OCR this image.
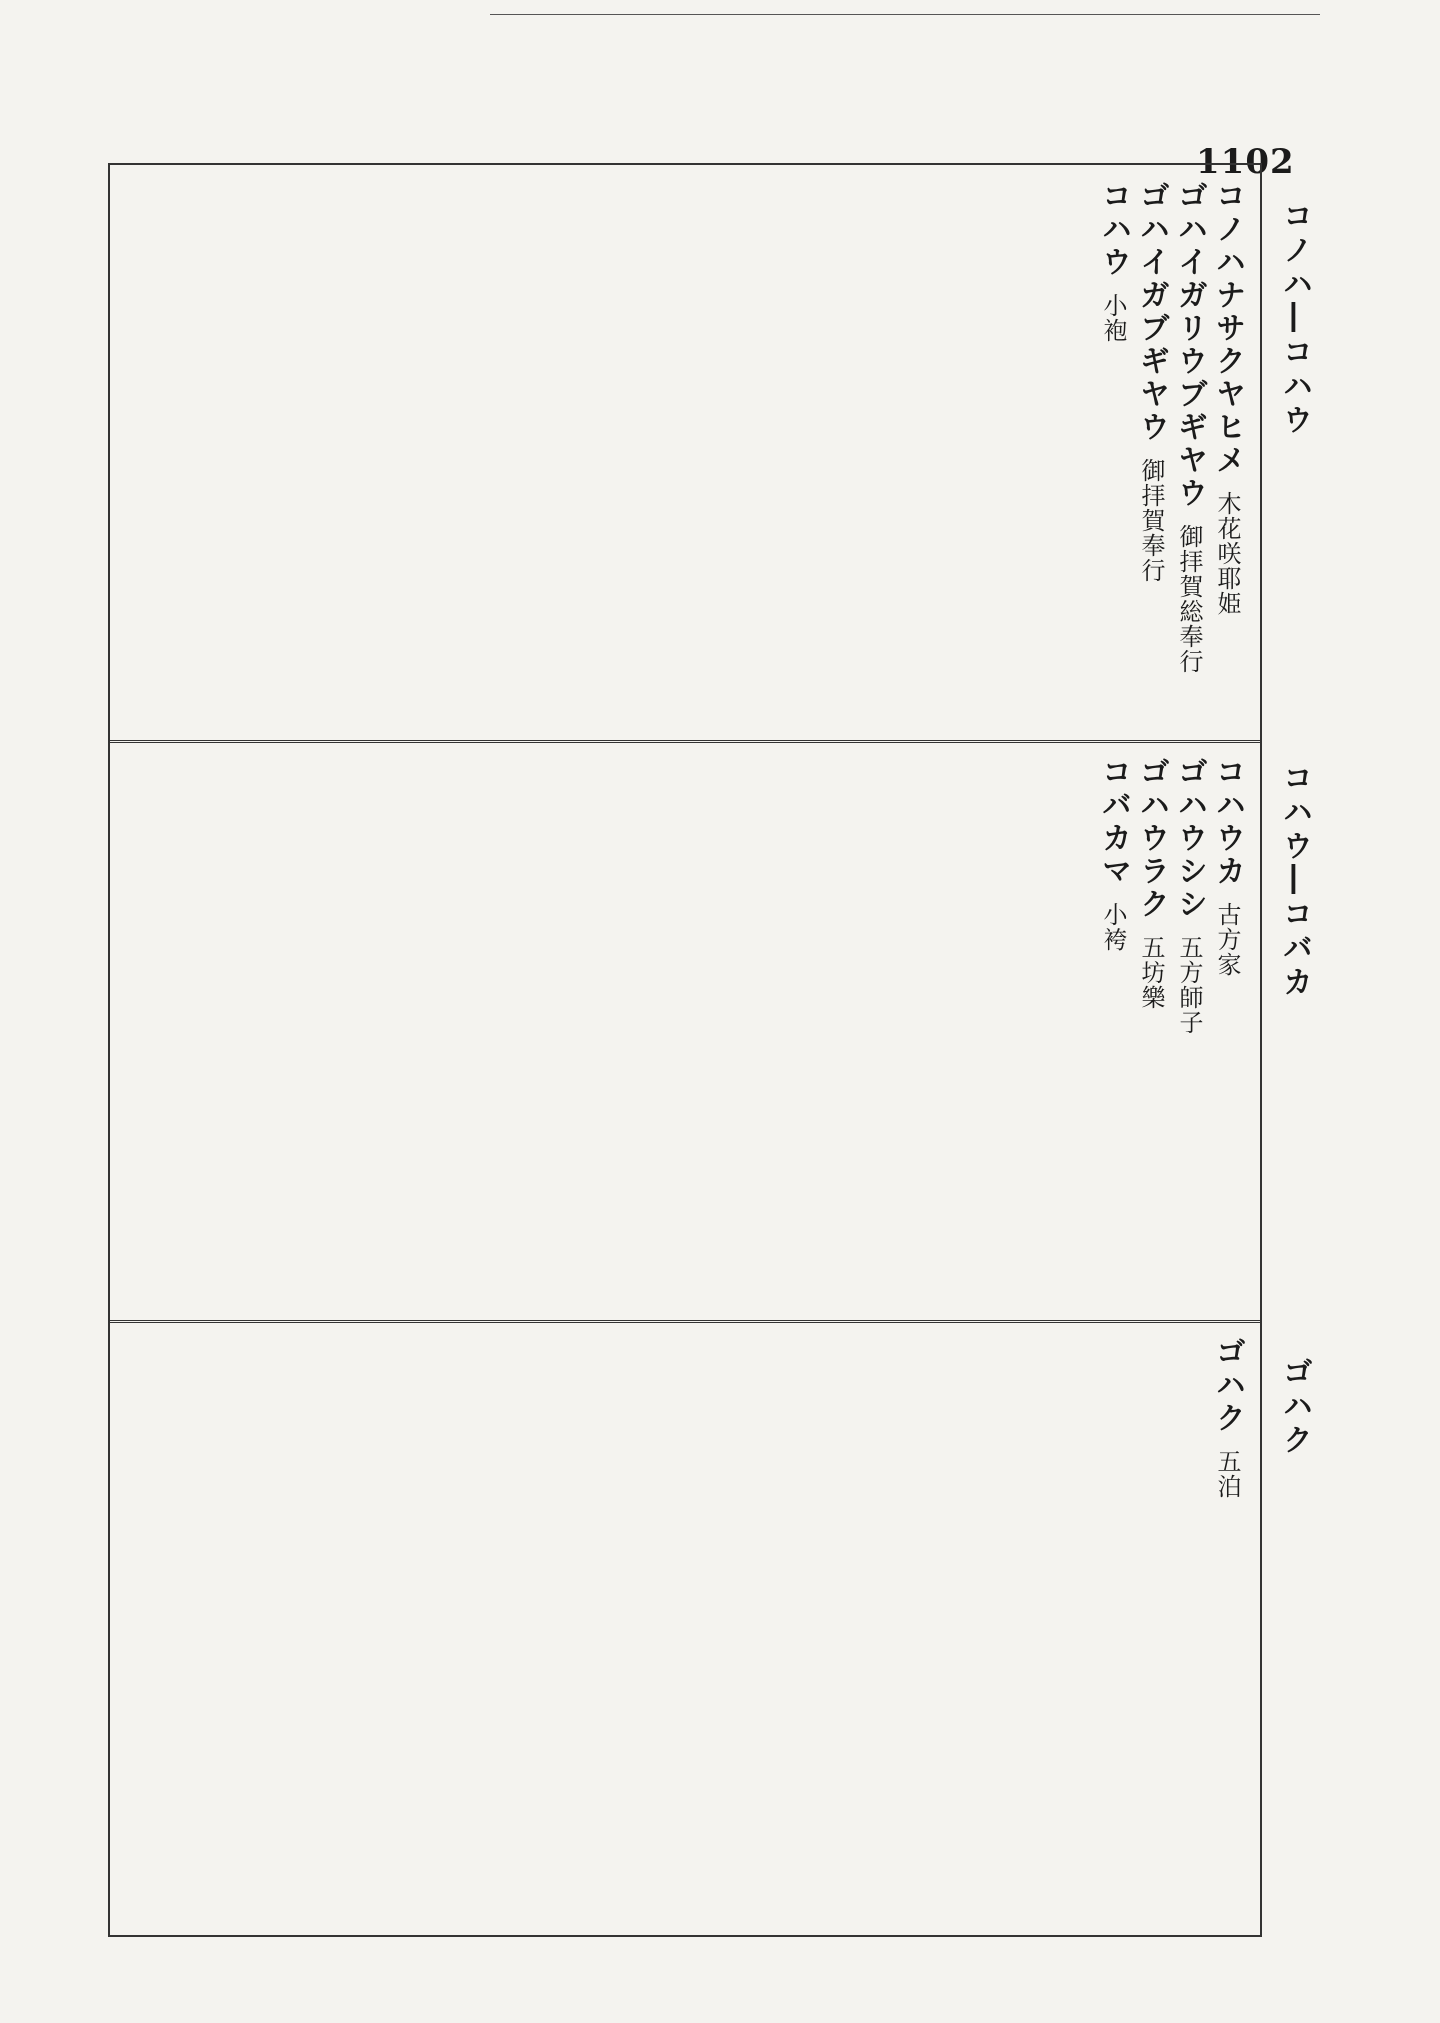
1102
コノハ―コハウ
コハウ―コバカ
ゴハク
コノハナサクヤヒメ木花咲耶姫
ゴハイガリウブギヤウ御拝賀総奉行
ゴハイガブギヤウ御拝賀奉行
コハウ小袍
コハウカ古方家
ゴハウシシ五方師子
ゴハウラク五坊樂
コバカマ小袴
ゴハク五泊
